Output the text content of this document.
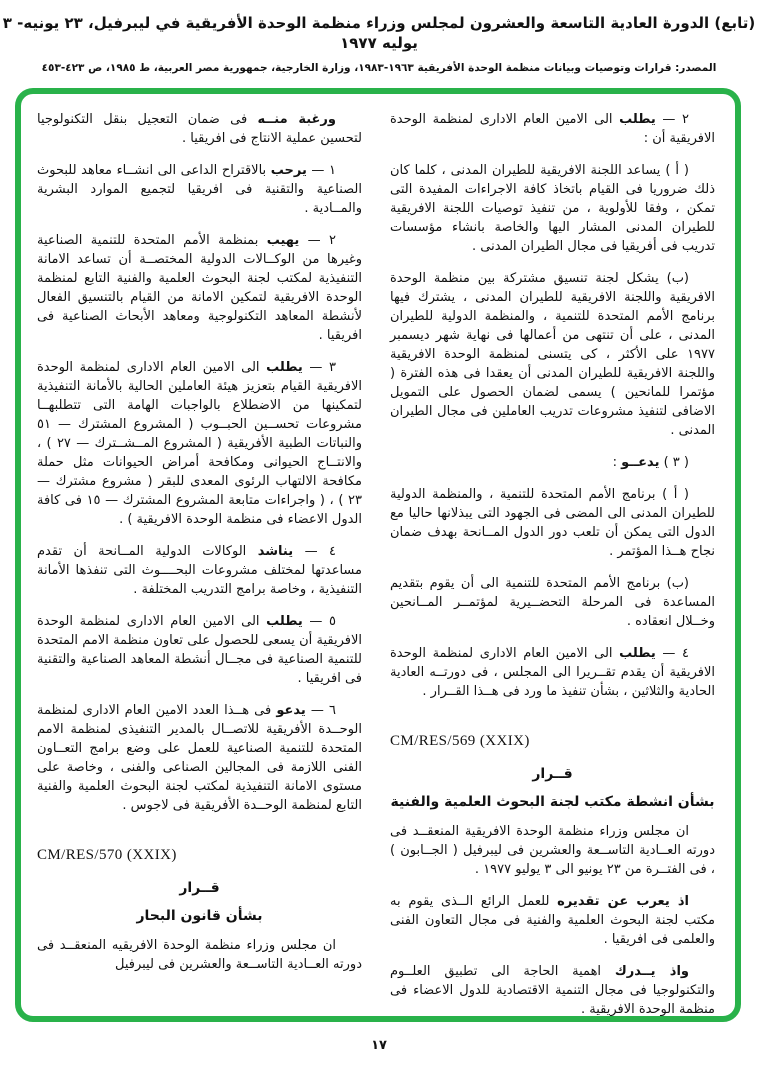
(تابع) الدورة العادية التاسعة والعشرون لمجلس وزراء منظمة الوحدة الأفريقية في ليبرفيل، ٢٣ يونيه- ٣ يوليه ١٩٧٧
المصدر: قرارات وتوصيات وبيانات منظمة الوحدة الأفريقية ١٩٦٣-١٩٨٣، وزارة الخارجية، جمهورية مصر العربية، ط ١٩٨٥، ص ٤٢٣-٤٥٣

٢ — يطلب الى الامين العام الادارى لمنظمة الوحدة الافريقية أن :

( أ ) يساعد اللجنة الافريقية للطيران المدنى ، كلما كان ذلك ضروريا فى القيام باتخاذ كافة الاجراءات المفيدة التى تمكن ، وفقا للأولوية ، من تنفيذ توصيات اللجنة الافريقية للطيران المدنى المشار اليها والخاصة بانشاء مؤسسات تدريب فى أفريقيا فى مجال الطيران المدنى .

(ب) يشكل لجنة تنسيق مشتركة بين منظمة الوحدة الافريقية واللجنة الافريقية للطيران المدنى ، يشترك فيها برنامج الأمم المتحدة للتنمية ، والمنظمة الدولية للطيران المدنى ، على أن تنتهى من أعمالها فى نهاية شهر ديسمبر ١٩٧٧ على الأكثر ، كى يتسنى لمنظمة الوحدة الافريقية واللجنة الافريقية للطيران المدنى أن يعقدا فى هذه الفترة ( مؤتمرا للمانحين ) يسمى لضمان الحصول على التمويل الاضافى لتنفيذ مشروعات تدريب العاملين فى مجال الطيران المدنى .

( ٣ ) يدعــو :

( أ ) برنامج الأمم المتحدة للتنمية ، والمنظمة الدولية للطيران المدنى الى المضى فى الجهود التى يبذلانها حاليا مع الدول التى يمكن أن تلعب دور الدول المــانحة بهدف ضمان نجاح هــذا المؤتمر .

(ب) برنامج الأمم المتحدة للتنمية الى أن يقوم بتقديم المساعدة فى المرحلة التحضــيرية لمؤتمــر المــانحين وخــلال انعقاده .

٤ — يطلب الى الامين العام الادارى لمنظمة الوحدة الافريقية أن يقدم تقــريرا الى المجلس ، فى دورتــه العادية الحادية والثلاثين ، بشأن تنفيذ ما ورد فى هــذا القــرار .

CM/RES/569 (XXIX)

قــرار

بشأن انشطة مكتب لجنة البحوث العلمية والفنية

ان مجلس وزراء منظمة الوحدة الافريقية المنعقــد فى دورته العــادية التاســعة والعشرين فى ليبرفيل ( الجــابون ) ، فى الفتــرة من ٢٣ يونيو الى ٣ يوليو ١٩٧٧ .

اذ يعرب عن تقديره للعمل الرائع الــذى يقوم به مكتب لجنة البحوث العلمية والفنية فى مجال التعاون الفنى والعلمى فى افريقيا .

واذ يــدرك اهمية الحاجة الى تطبيق العلــوم والتكنولوجيا فى مجال التنمية الاقتصادية للدول الاعضاء فى منظمة الوحدة الافريقية .

ورغبة منــه فى ضمان التعجيل بنقل التكنولوجيا لتحسين عملية الانتاج فى افريقيا .

١ — يرحب بالاقتراح الداعى الى انشــاء معاهد للبحوث الصناعية والتقنية فى افريقيا لتجميع الموارد البشرية والمــادية .

٢ — يهيب بمنظمة الأمم المتحدة للتنمية الصناعية وغيرها من الوكــالات الدولية المختصــة أن تساعد الامانة التنفيذية لمكتب لجنة البحوث العلمية والفنية التابع لمنظمة الوحدة الافريقية لتمكين الامانة من القيام بالتنسيق الفعال لأنشطة المعاهد التكنولوجية ومعاهد الأبحاث الصناعية فى افريقيا .

٣ — يطلب الى الامين العام الادارى لمنظمة الوحدة الافريقية القيام بتعزيز هيئة العاملين الحالية بالأمانة التنفيذية لتمكينها من الاضطلاع بالواجبات الهامة التى تتطلبهــا مشروعات تحســين الحبــوب ( المشروع المشترك — ٥١ والنباتات الطبية الأفريقية ( المشروع المــشــترك — ٢٧ ) ، والانتــاج الحيوانى ومكافحة أمراض الحيوانات مثل حملة مكافحة الالتهاب الرئوى المعدى للبقر ( مشروع مشترك — ٢٣ ) ، ( واجراءات متابعة المشروع المشترك — ١٥ فى كافة الدول الاعضاء فى منظمة الوحدة الافريقية ) .

٤ — يناشد الوكالات الدولية المــانحة أن تقدم مساعدتها لمختلف مشروعات البحــــوث التى تنفذها الأمانة التنفيذية ، وخاصة برامج التدريب المختلفة .

٥ — يطلب الى الامين العام الادارى لمنظمة الوحدة الافريقية أن يسعى للحصول على تعاون منظمة الامم المتحدة للتنمية الصناعية فى مجــال أنشطة المعاهد الصناعية والتقنية فى افريقيا .

٦ — يدعو فى هــذا العدد الامين العام الادارى لمنظمة الوحــدة الأفريقية للاتصــال بالمدير التنفيذى لمنظمة الامم المتحدة للتنمية الصناعية للعمل على وضع برامج التعــاون الفنى اللازمة فى المجالين الصناعى والفنى ، وخاصة على مستوى الامانة التنفيذية لمكتب لجنة البحوث العلمية والفنية التابع لمنظمة الوحــدة الأفريقية فى لاجوس .

CM/RES/570 (XXIX)

قــرار

بشأن قانون البحار

ان مجلس وزراء منظمة الوحدة الافريقيه المنعقــد فى دورته العــادية التاســعة والعشرين فى ليبرفيل

١٧
